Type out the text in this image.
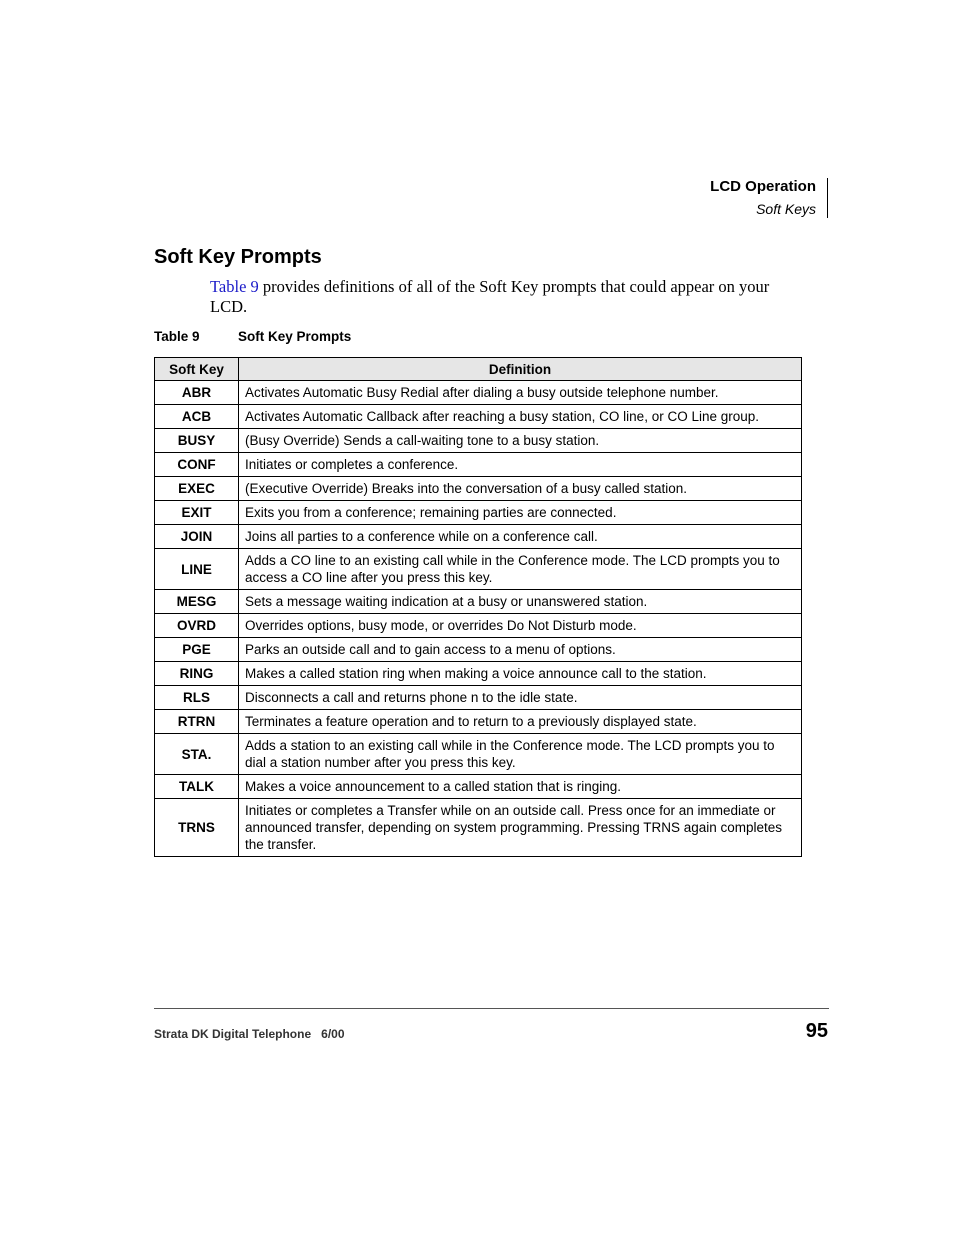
LCD Operation
Soft Keys
Soft Key Prompts
Table 9 provides definitions of all of the Soft Key prompts that could appear on your LCD.
Table 9	Soft Key Prompts
Soft Key	Definition
ABR	Activates Automatic Busy Redial after dialing a busy outside telephone number.
ACB	Activates Automatic Callback after reaching a busy station, CO line, or CO Line group.
BUSY	(Busy Override) Sends a call-waiting tone to a busy station.
CONF	Initiates or completes a conference.
EXEC	(Executive Override) Breaks into the conversation of a busy called station.
EXIT	Exits you from a conference; remaining parties are connected.
JOIN	Joins all parties to a conference while on a conference call.
LINE	Adds a CO line to an existing call while in the Conference mode. The LCD prompts you to access a CO line after you press this key.
MESG	Sets a message waiting indication at a busy or unanswered station.
OVRD	Overrides options, busy mode, or overrides Do Not Disturb mode.
PGE	Parks an outside call and to gain access to a menu of options.
RING	Makes a called station ring when making a voice announce call to the station.
RLS	Disconnects a call and returns phone n to the idle state.
RTRN	Terminates a feature operation and to return to a previously displayed state.
STA.	Adds a station to an existing call while in the Conference mode. The LCD prompts you to dial a station number after you press this key.
TALK	Makes a voice announcement to a called station that is ringing.
TRNS	Initiates or completes a Transfer while on an outside call. Press once for an immediate or announced transfer, depending on system programming. Pressing TRNS again completes the transfer.
Strata DK Digital Telephone 6/00	95
